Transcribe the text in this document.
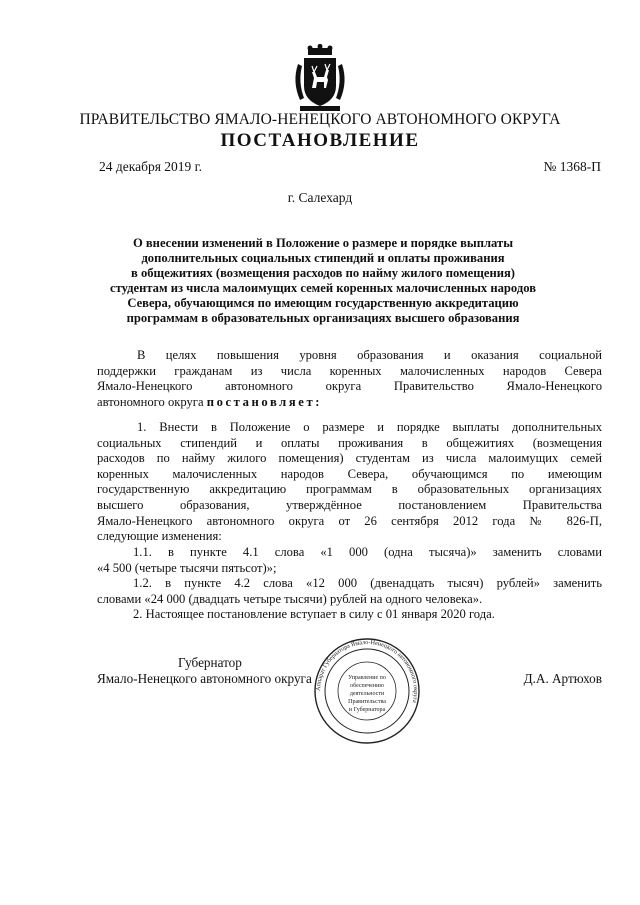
ПРАВИТЕЛЬСТВО ЯМАЛО-НЕНЕЦКОГО АВТОНОМНОГО ОКРУГА
ПОСТАНОВЛЕНИЕ
24 декабря 2019 г.	№ 1368-П
г. Салехард
О внесении изменений в Положение о размере и порядке выплаты
дополнительных социальных стипендий и оплаты проживания
в общежитиях (возмещения расходов по найму жилого помещения)
студентам из числа малоимущих семей коренных малочисленных народов
Севера, обучающимся по имеющим государственную аккредитацию
программам в образовательных организациях высшего образования
В целях повышения уровня образования и оказания социальной
поддержки гражданам из числа коренных малочисленных народов Севера
Ямало-Ненецкого автономного округа Правительство Ямало-Ненецкого
автономного округа постановляет:
1. Внести в Положение о размере и порядке выплаты дополнительных
социальных стипендий и оплаты проживания в общежитиях (возмещения
расходов по найму жилого помещения) студентам из числа малоимущих семей
коренных малочисленных народов Севера, обучающимся по имеющим
государственную аккредитацию программам в образовательных организациях
высшего образования, утверждённое постановлением Правительства
Ямало-Ненецкого автономного округа от 26 сентября 2012 года № 826-П,
следующие изменения:
1.1. в пункте 4.1 слова «1 000 (одна тысяча)» заменить словами
«4 500 (четыре тысячи пятьсот)»;
1.2. в пункте 4.2 слова «12 000 (двенадцать тысяч) рублей» заменить
словами «24 000 (двадцать четыре тысячи) рублей на одного человека».
2. Настоящее постановление вступает в силу с 01 января 2020 года.
Губернатор
Ямало-Ненецкого автономного округа	Д.А. Артюхов
Аппарат Губернатора Ямало-Ненецкого автономного округа
Управление по
обеспечению
деятельности
Правительства
и Губернатора
